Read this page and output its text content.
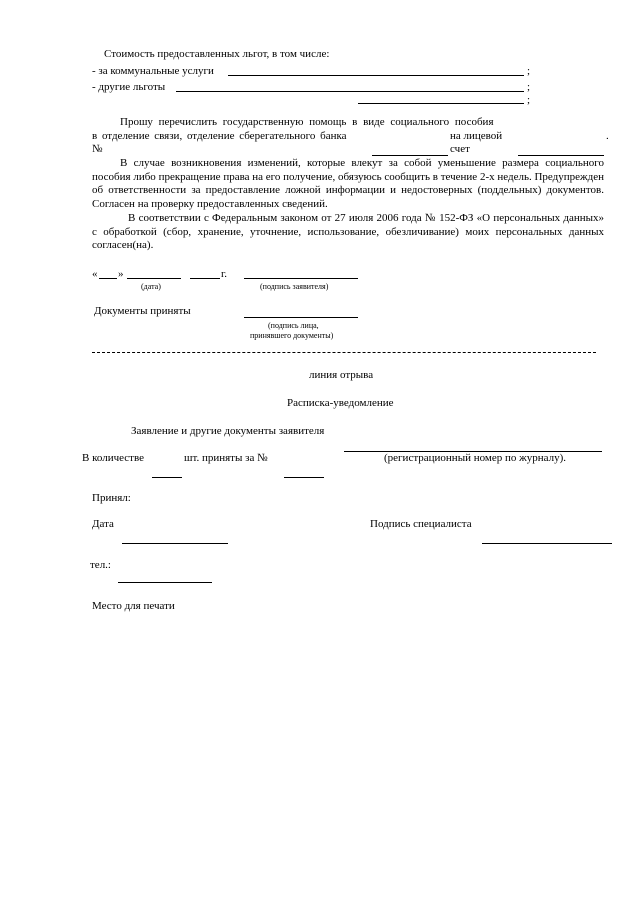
Стоимость предоставленных льгот, в том числе:
- за коммунальные услуги	;
- другие льготы	;
;
Прошу перечислить государственную помощь в виде социального пособия
в отделение связи, отделение сберегательного банка	на лицевой	.
№	счет
В случае возникновения изменений, которые влекут за собой уменьшение размера социального пособия либо прекращение права на его получение, обязуюсь сообщить в течение 2-х недель. Предупрежден об ответственности за предоставление ложной информации и недостоверных (поддельных) документов. Согласен на проверку предоставленных сведений.
В соответствии с Федеральным законом от 27 июля 2006 года № 152-ФЗ «О персональных данных» с обработкой (сбор, хранение, уточнение, использование, обезличивание) моих персональных данных согласен(на).
« »	г.
(дата)	(подпись заявителя)
Документы приняты
(подпись лица,
принявшего документы)
линия отрыва
Расписка-уведомление
Заявление и другие документы заявителя
В количестве	шт. приняты за №	(регистрационный номер по журналу).
Принял:
Дата	Подпись специалиста
тел.:
Место для печати
